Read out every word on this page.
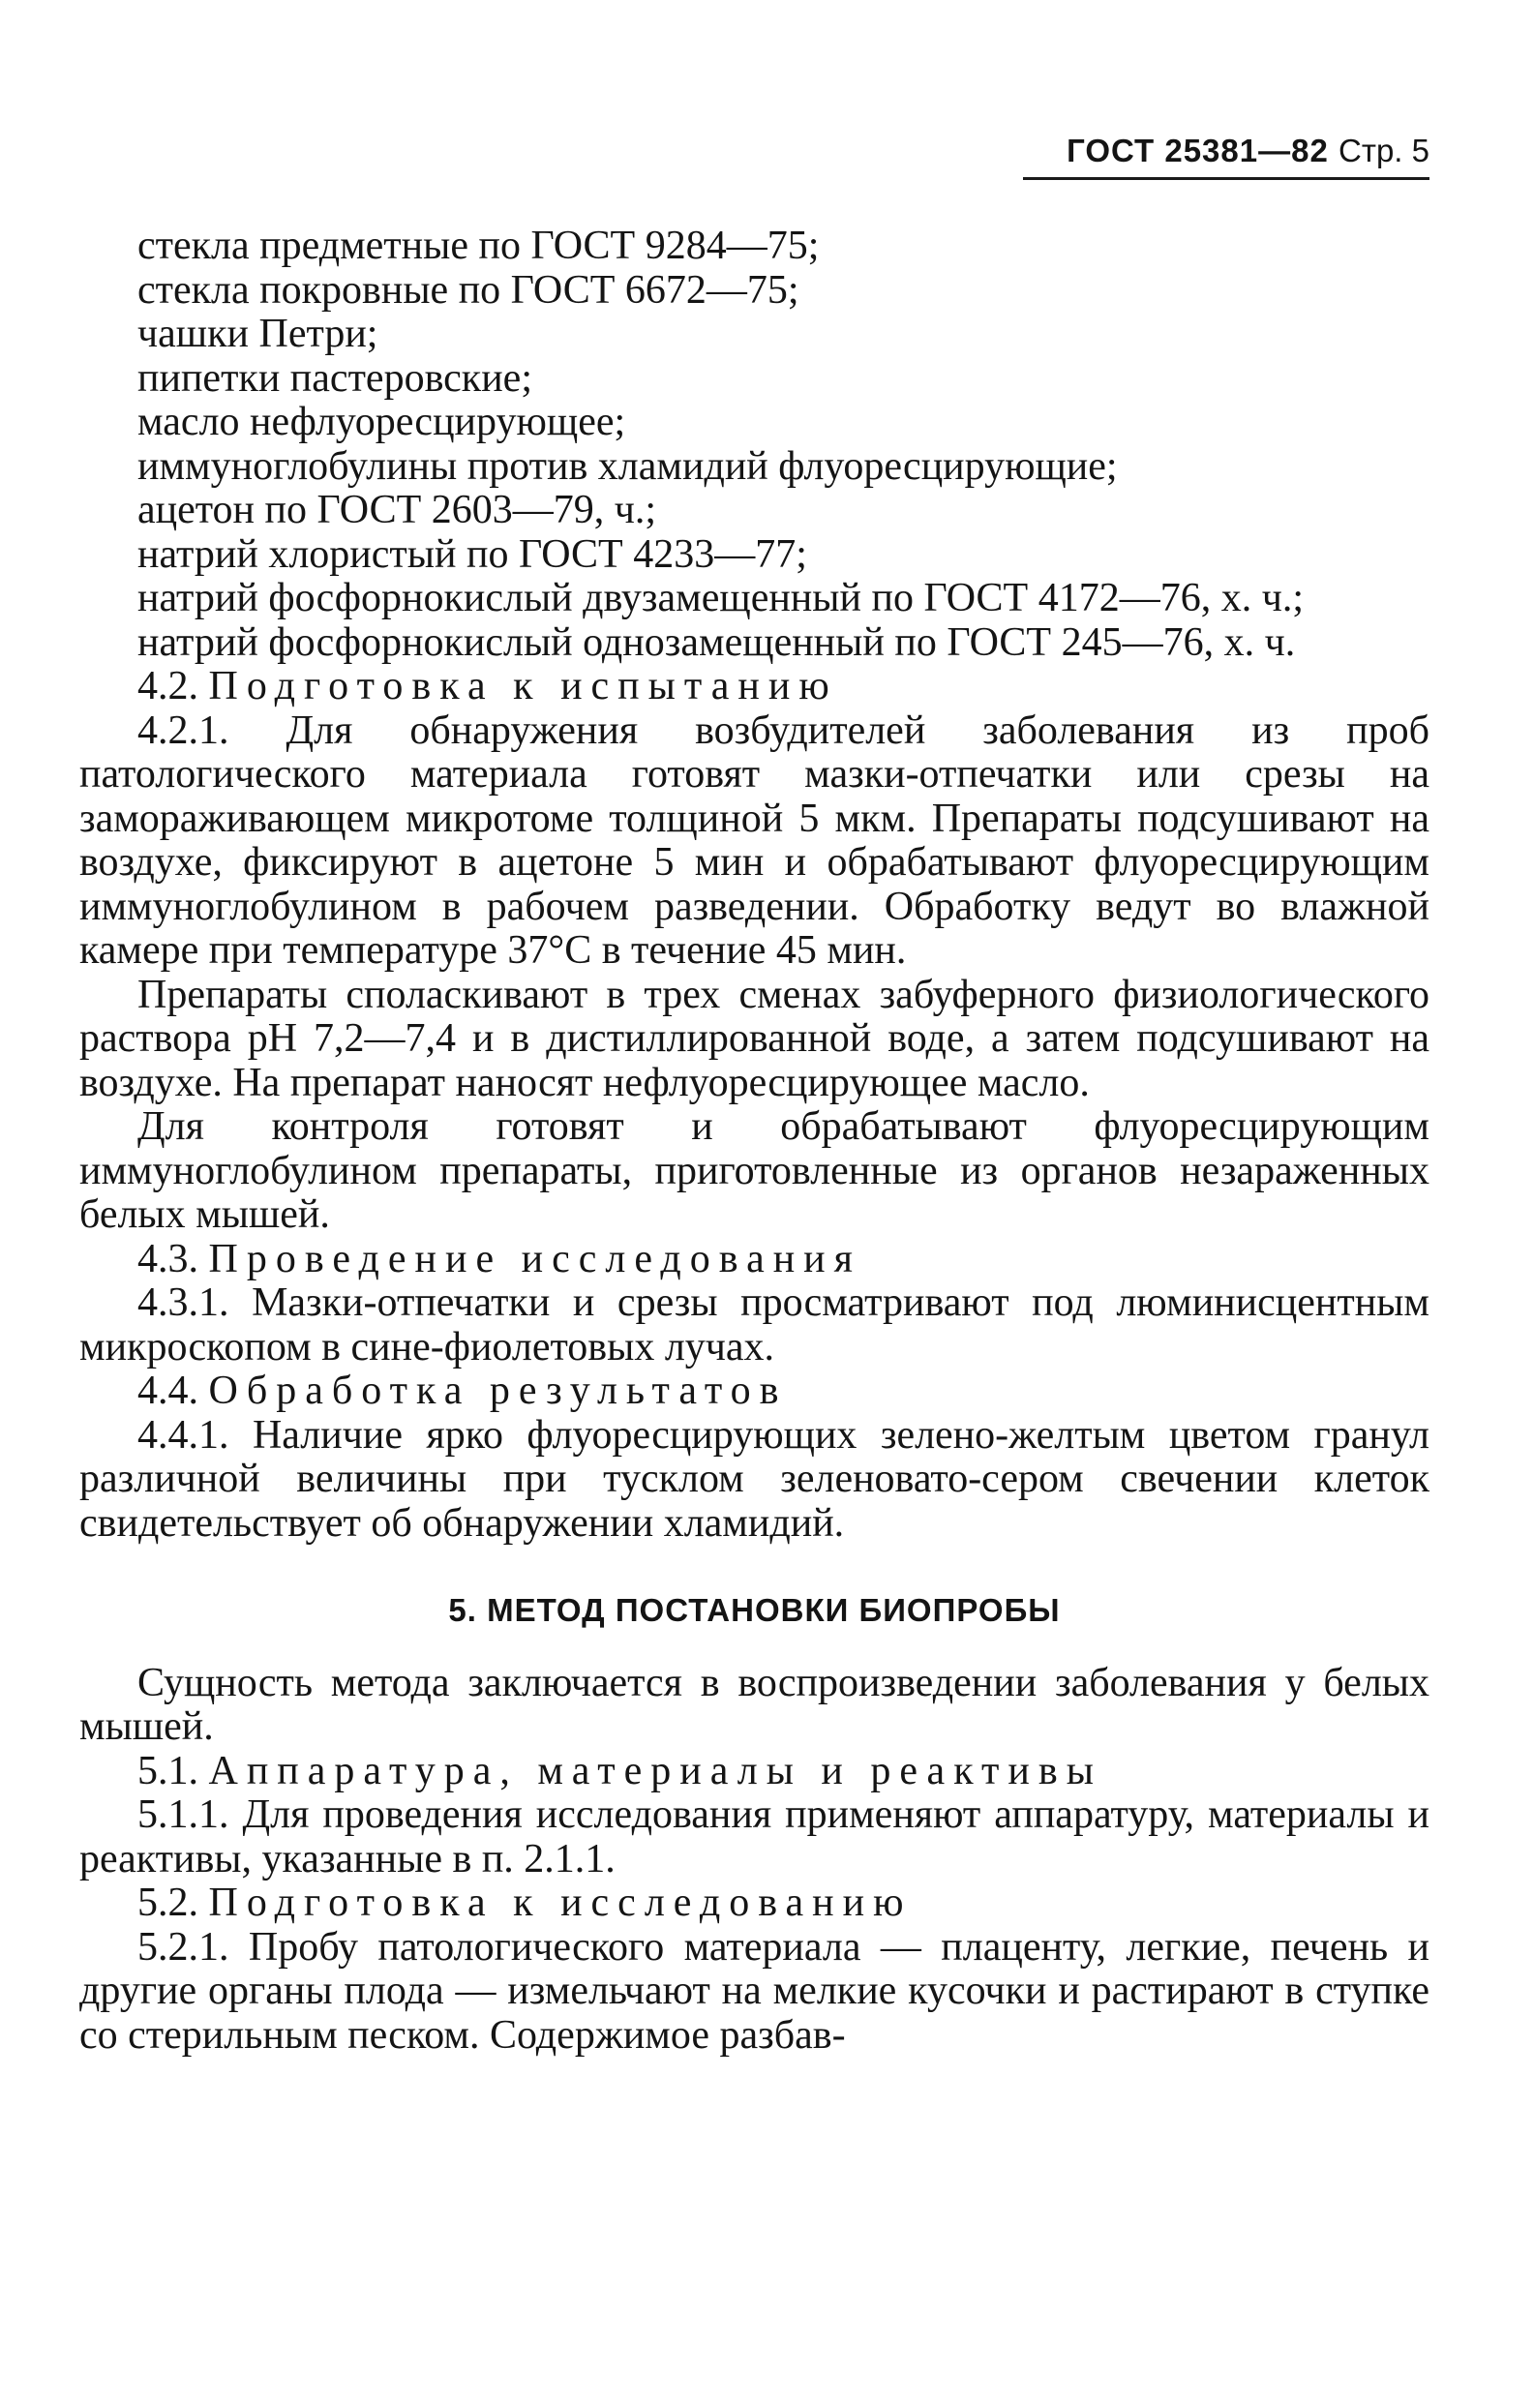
ГОСТ 25381—82 Стр. 5

стекла предметные по ГОСТ 9284—75;

стекла покровные по ГОСТ 6672—75;

чашки Петри;

пипетки пастеровские;

масло нефлуоресцирующее;

иммуноглобулины против хламидий флуоресцирующие;

ацетон по ГОСТ 2603—79, ч.;

натрий хлористый по ГОСТ 4233—77;

натрий фосфорнокислый двузамещенный по ГОСТ 4172—76, х. ч.;

натрий фосфорнокислый однозамещенный по ГОСТ 245—76, х. ч.

4.2. Подготовка к испытанию

4.2.1. Для обнаружения возбудителей заболевания из проб патологического материала готовят мазки-отпечатки или срезы на замораживающем микротоме толщиной 5 мкм. Препараты подсушивают на воздухе, фиксируют в ацетоне 5 мин и обрабатывают флуоресцирующим иммуноглобулином в рабочем разведении. Обработку ведут во влажной камере при температуре 37°С в течение 45 мин.

Препараты споласкивают в трех сменах забуферного физиологического раствора рН 7,2—7,4 и в дистиллированной воде, а затем подсушивают на воздухе. На препарат наносят нефлуоресцирующее масло.

Для контроля готовят и обрабатывают флуоресцирующим иммуноглобулином препараты, приготовленные из органов незараженных белых мышей.

4.3. Проведение исследования

4.3.1. Мазки-отпечатки и срезы просматривают под люминисцентным микроскопом в сине-фиолетовых лучах.

4.4. Обработка результатов

4.4.1. Наличие ярко флуоресцирующих зелено-желтым цветом гранул различной величины при тусклом зеленовато-сером свечении клеток свидетельствует об обнаружении хламидий.

5. МЕТОД ПОСТАНОВКИ БИОПРОБЫ

Сущность метода заключается в воспроизведении заболевания у белых мышей.

5.1. Аппаратура, материалы и реактивы

5.1.1. Для проведения исследования применяют аппаратуру, материалы и реактивы, указанные в п. 2.1.1.

5.2. Подготовка к исследованию

5.2.1. Пробу патологического материала — плаценту, легкие, печень и другие органы плода — измельчают на мелкие кусочки и растирают в ступке со стерильным песком. Содержимое разбав-
